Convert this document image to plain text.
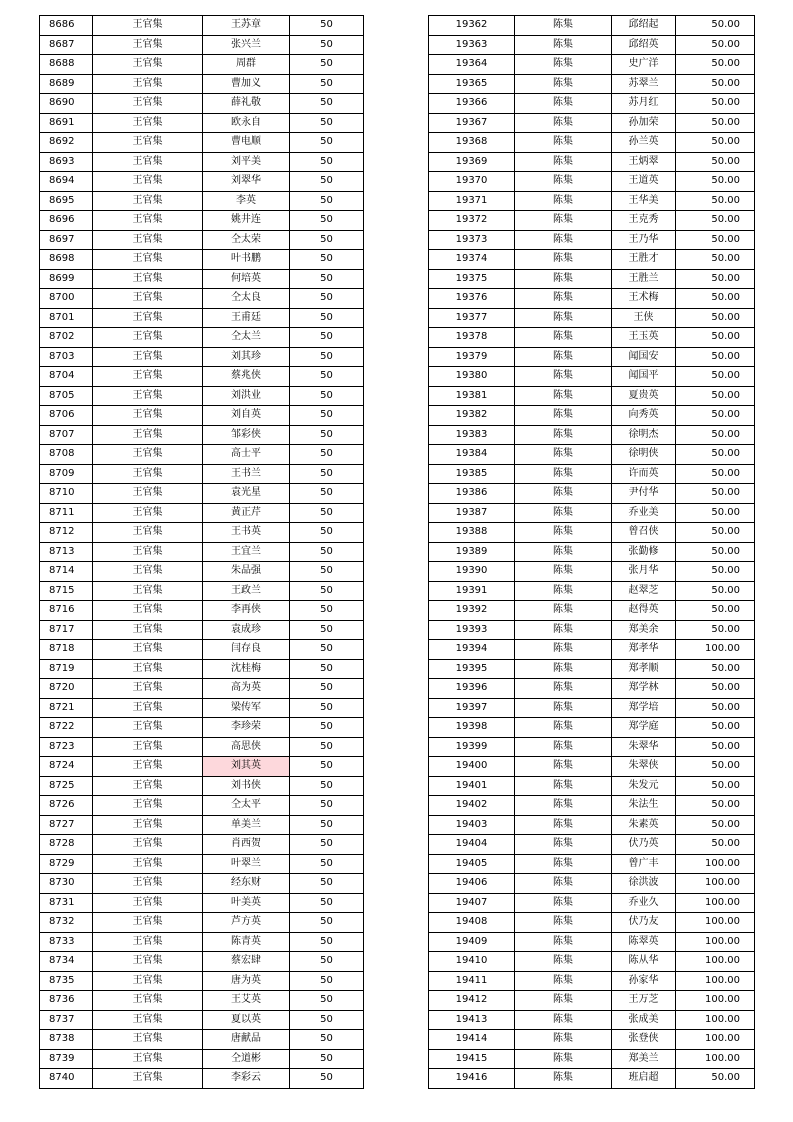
8686	王官集	王苏章	50
8687	王官集	张兴兰	50
8688	王官集	周群	50
8689	王官集	曹加义	50
8690	王官集	薛礼敬	50
8691	王官集	欧永自	50
8692	王官集	曹电顺	50
8693	王官集	刘平美	50
8694	王官集	刘翠华	50
8695	王官集	李英	50
8696	王官集	姚井连	50
8697	王官集	仝太荣	50
8698	王官集	叶书鹏	50
8699	王官集	何培英	50
8700	王官集	仝太良	50
8701	王官集	王甫廷	50
8702	王官集	仝太兰	50
8703	王官集	刘其珍	50
8704	王官集	蔡兆侠	50
8705	王官集	刘洪业	50
8706	王官集	刘自英	50
8707	王官集	邹彩侠	50
8708	王官集	高士平	50
8709	王官集	王书兰	50
8710	王官集	袁光星	50
8711	王官集	黄正芹	50
8712	王官集	王书英	50
8713	王官集	王宜兰	50
8714	王官集	朱品强	50
8715	王官集	王政兰	50
8716	王官集	李再侠	50
8717	王官集	袁成珍	50
8718	王官集	闫存良	50
8719	王官集	沈桂梅	50
8720	王官集	高为英	50
8721	王官集	梁传军	50
8722	王官集	李珍荣	50
8723	王官集	高思侠	50
8724	王官集	刘其英	50
8725	王官集	刘书侠	50
8726	王官集	仝太平	50
8727	王官集	单美兰	50
8728	王官集	肖西贺	50
8729	王官集	叶翠兰	50
8730	王官集	经东财	50
8731	王官集	叶美英	50
8732	王官集	芦方英	50
8733	王官集	陈青英	50
8734	王官集	蔡宏肆	50
8735	王官集	唐为英	50
8736	王官集	王艾英	50
8737	王官集	夏以英	50
8738	王官集	唐献品	50
8739	王官集	仝道彬	50
8740	王官集	李彩云	50
19362	陈集	邱绍起	50.00
19363	陈集	邱绍英	50.00
19364	陈集	史广洋	50.00
19365	陈集	苏翠兰	50.00
19366	陈集	苏月红	50.00
19367	陈集	孙加荣	50.00
19368	陈集	孙兰英	50.00
19369	陈集	王炳翠	50.00
19370	陈集	王道英	50.00
19371	陈集	王华美	50.00
19372	陈集	王克秀	50.00
19373	陈集	王乃华	50.00
19374	陈集	王胜才	50.00
19375	陈集	王胜兰	50.00
19376	陈集	王术梅	50.00
19377	陈集	王侠	50.00
19378	陈集	王玉英	50.00
19379	陈集	闻国安	50.00
19380	陈集	闻国平	50.00
19381	陈集	夏贵英	50.00
19382	陈集	向秀英	50.00
19383	陈集	徐明杰	50.00
19384	陈集	徐明侠	50.00
19385	陈集	许而英	50.00
19386	陈集	尹付华	50.00
19387	陈集	乔业美	50.00
19388	陈集	曾召侠	50.00
19389	陈集	张勤修	50.00
19390	陈集	张月华	50.00
19391	陈集	赵翠芝	50.00
19392	陈集	赵得英	50.00
19393	陈集	郑美余	50.00
19394	陈集	郑孝华	100.00
19395	陈集	郑孝顺	50.00
19396	陈集	郑学林	50.00
19397	陈集	郑学培	50.00
19398	陈集	郑学庭	50.00
19399	陈集	朱翠华	50.00
19400	陈集	朱翠侠	50.00
19401	陈集	朱发元	50.00
19402	陈集	朱法生	50.00
19403	陈集	朱素英	50.00
19404	陈集	伏乃英	50.00
19405	陈集	曾广丰	100.00
19406	陈集	徐洪波	100.00
19407	陈集	乔业久	100.00
19408	陈集	伏乃友	100.00
19409	陈集	陈翠英	100.00
19410	陈集	陈从华	100.00
19411	陈集	孙家华	100.00
19412	陈集	王万芝	100.00
19413	陈集	张成美	100.00
19414	陈集	张登侠	100.00
19415	陈集	郑美兰	100.00
19416	陈集	班启超	50.00
